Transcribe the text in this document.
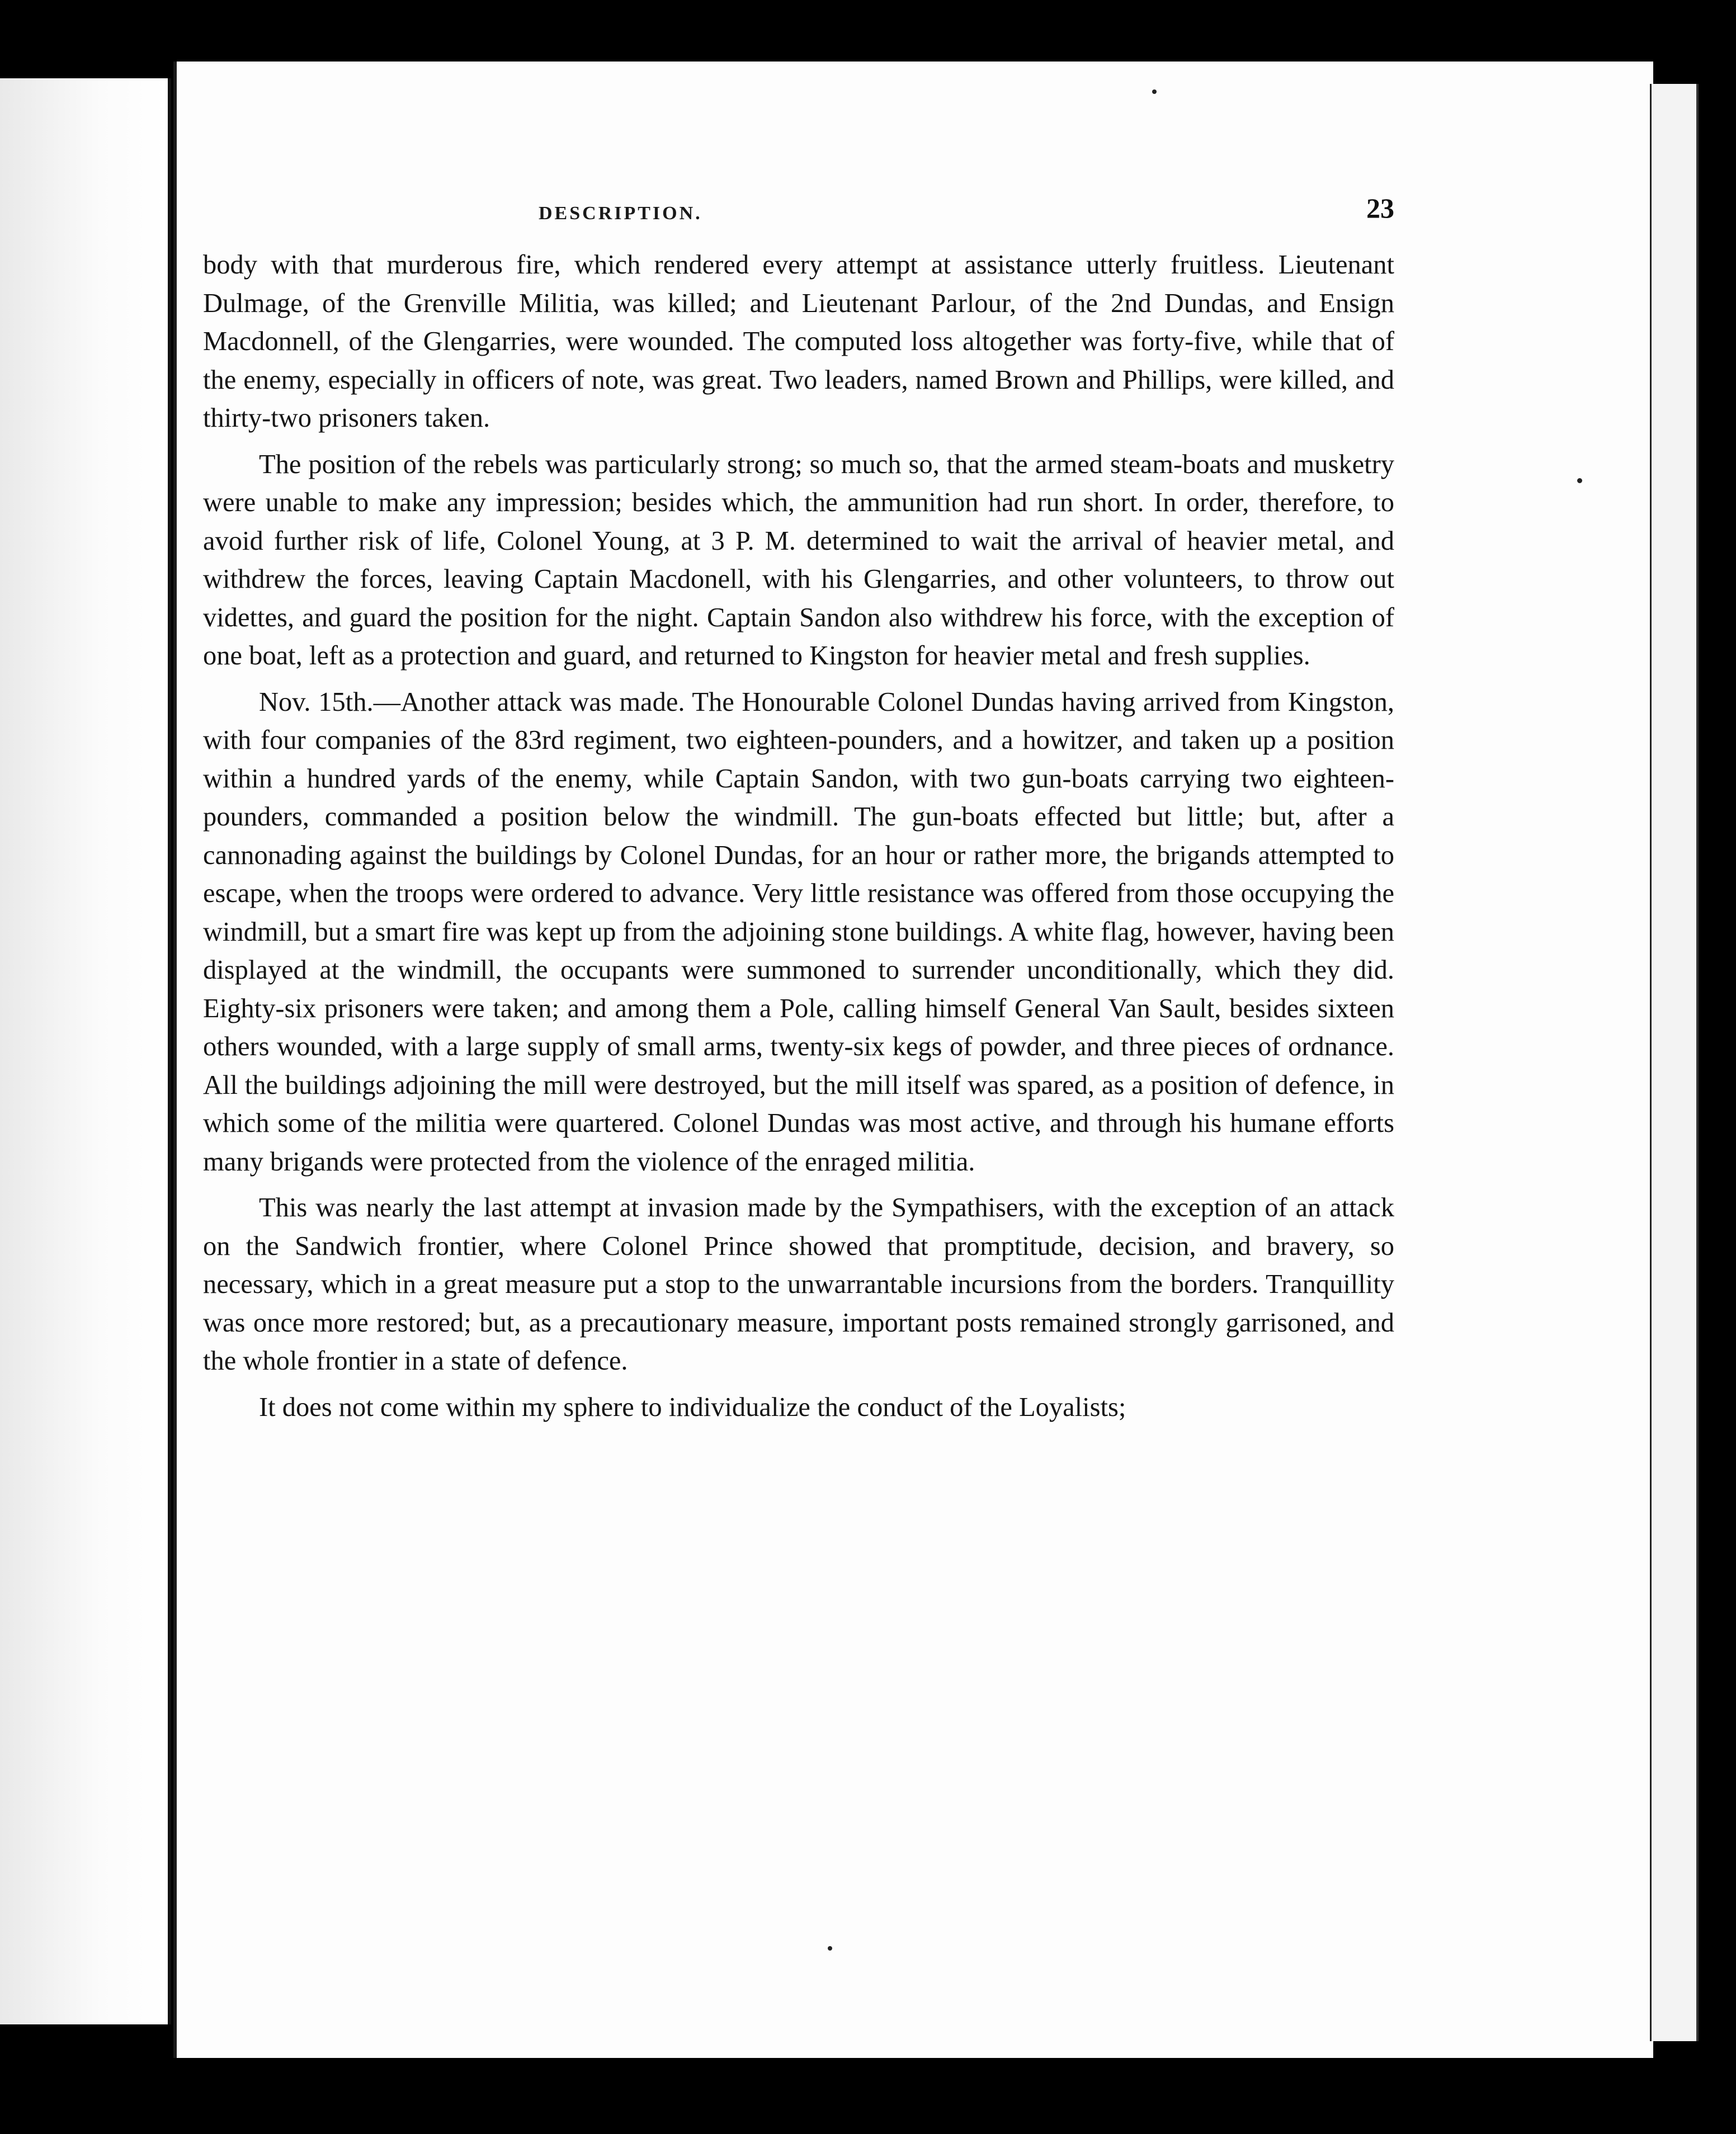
DESCRIPTION.	23

body with that murderous fire, which rendered every attempt at assistance utterly fruitless. Lieutenant Dulmage, of the Grenville Militia, was killed; and Lieutenant Parlour, of the 2nd Dundas, and Ensign Macdonnell, of the Glengarries, were wounded. The computed loss altogether was forty-five, while that of the enemy, especially in officers of note, was great. Two leaders, named Brown and Phillips, were killed, and thirty-two prisoners taken.

The position of the rebels was particularly strong; so much so, that the armed steam-boats and musketry were unable to make any impression; besides which, the ammunition had run short. In order, therefore, to avoid further risk of life, Colonel Young, at 3 P. M. determined to wait the arrival of heavier metal, and withdrew the forces, leaving Captain Macdonell, with his Glengarries, and other volunteers, to throw out videttes, and guard the position for the night. Captain Sandon also withdrew his force, with the exception of one boat, left as a protection and guard, and returned to Kingston for heavier metal and fresh supplies.

Nov. 15th.—Another attack was made. The Honourable Colonel Dundas having arrived from Kingston, with four companies of the 83rd regiment, two eighteen-pounders, and a howitzer, and taken up a position within a hundred yards of the enemy, while Captain Sandon, with two gun-boats carrying two eighteen-pounders, commanded a position below the windmill. The gun-boats effected but little; but, after a cannonading against the buildings by Colonel Dundas, for an hour or rather more, the brigands attempted to escape, when the troops were ordered to advance. Very little resistance was offered from those occupying the windmill, but a smart fire was kept up from the adjoining stone buildings. A white flag, however, having been displayed at the windmill, the occupants were summoned to surrender unconditionally, which they did. Eighty-six prisoners were taken; and among them a Pole, calling himself General Van Sault, besides sixteen others wounded, with a large supply of small arms, twenty-six kegs of powder, and three pieces of ordnance. All the buildings adjoining the mill were destroyed, but the mill itself was spared, as a position of defence, in which some of the militia were quartered. Colonel Dundas was most active, and through his humane efforts many brigands were protected from the violence of the enraged militia.

This was nearly the last attempt at invasion made by the Sympathisers, with the exception of an attack on the Sandwich frontier, where Colonel Prince showed that promptitude, decision, and bravery, so necessary, which in a great measure put a stop to the unwarrantable incursions from the borders. Tranquillity was once more restored; but, as a precautionary measure, important posts remained strongly garrisoned, and the whole frontier in a state of defence.

It does not come within my sphere to individualize the conduct of the Loyalists;
